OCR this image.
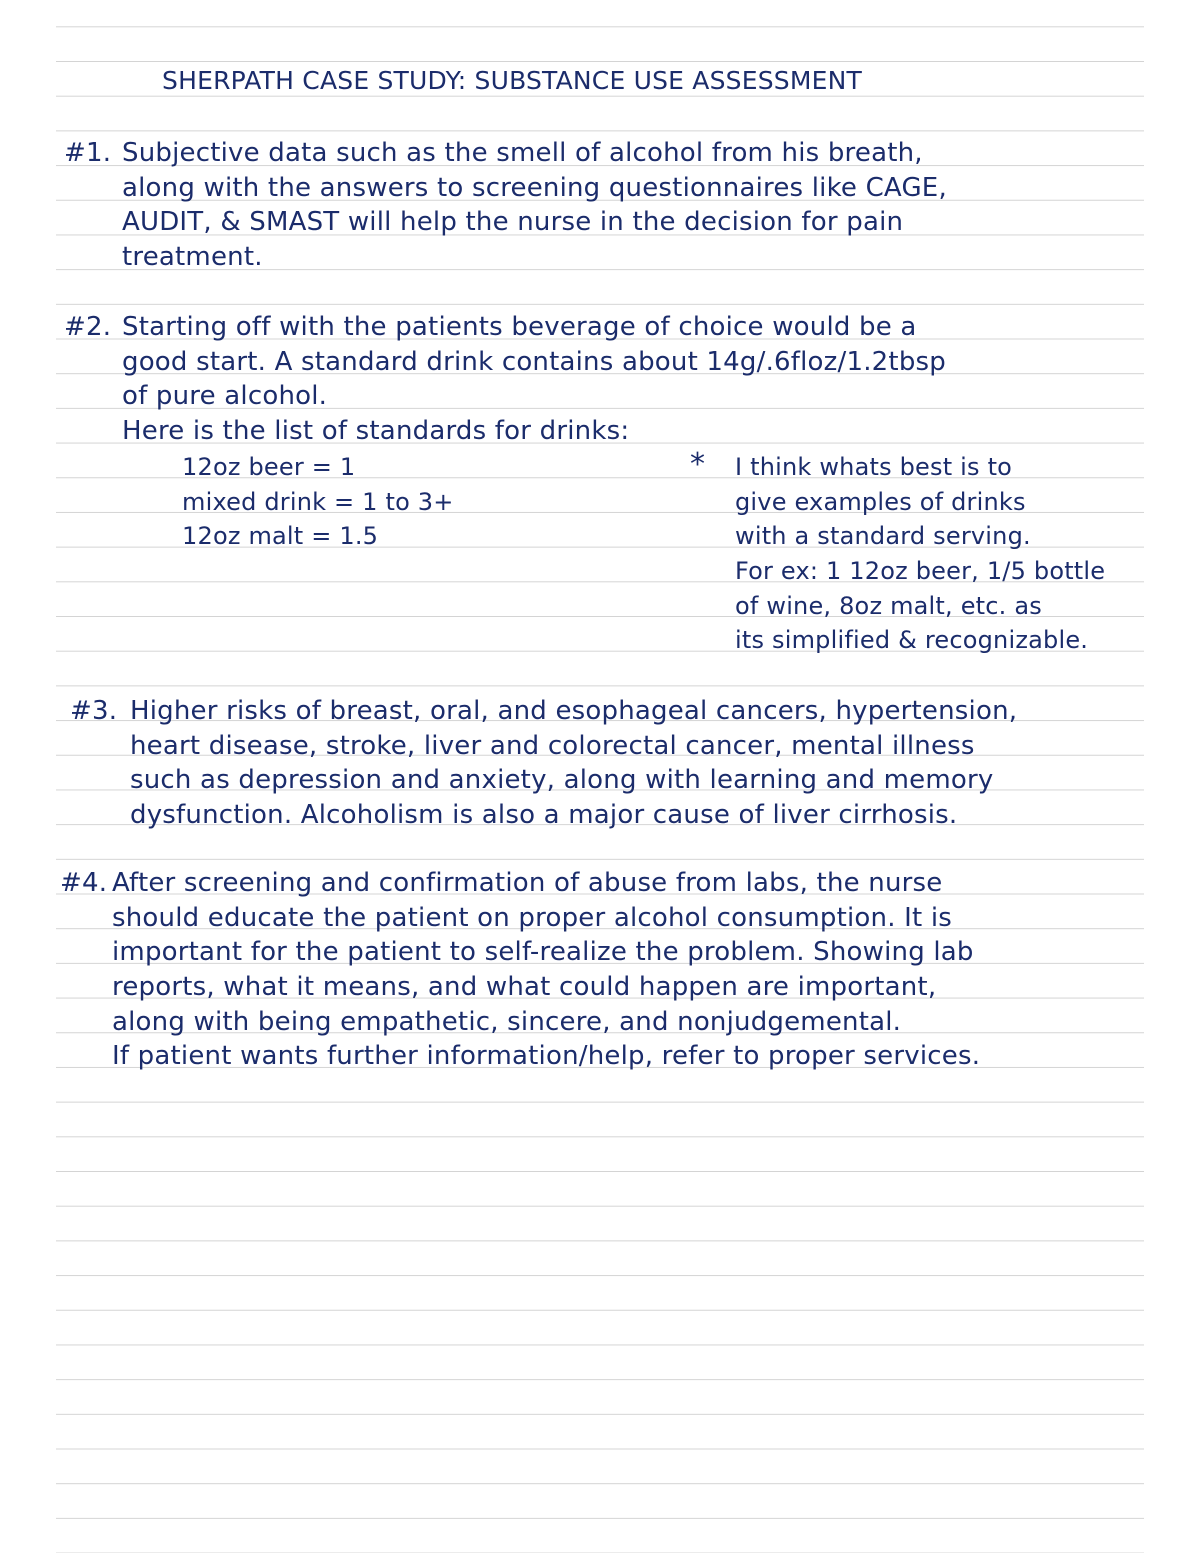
SHERPATH CASE STUDY: SUBSTANCE USE ASSESSMENT
#1. Subjective data such as the smell of alcohol from his breath,
along with the answers to screening questionnaires like CAGE,
AUDIT, & SMAST will help the nurse in the decision for pain
treatment.
#2. Starting off with the patients beverage of choice would be a
good start. A standard drink contains about 14g/.6floz/1.2tbsp
of pure alcohol.
Here is the list of standards for drinks:
12oz beer = 1
mixed drink = 1 to 3+
12oz malt = 1.5
* I think whats best is to
give examples of drinks
with a standard serving.
For ex: 1 12oz beer, 1/5 bottle
of wine, 8oz malt, etc. as
its simplified & recognizable.
#3. Higher risks of breast, oral, and esophageal cancers, hypertension,
heart disease, stroke, liver and colorectal cancer, mental illness
such as depression and anxiety, along with learning and memory
dysfunction. Alcoholism is also a major cause of liver cirrhosis.
#4. After screening and confirmation of abuse from labs, the nurse
should educate the patient on proper alcohol consumption. It is
important for the patient to self-realize the problem. Showing lab
reports, what it means, and what could happen are important,
along with being empathetic, sincere, and nonjudgemental.
If patient wants further information/help, refer to proper services.
